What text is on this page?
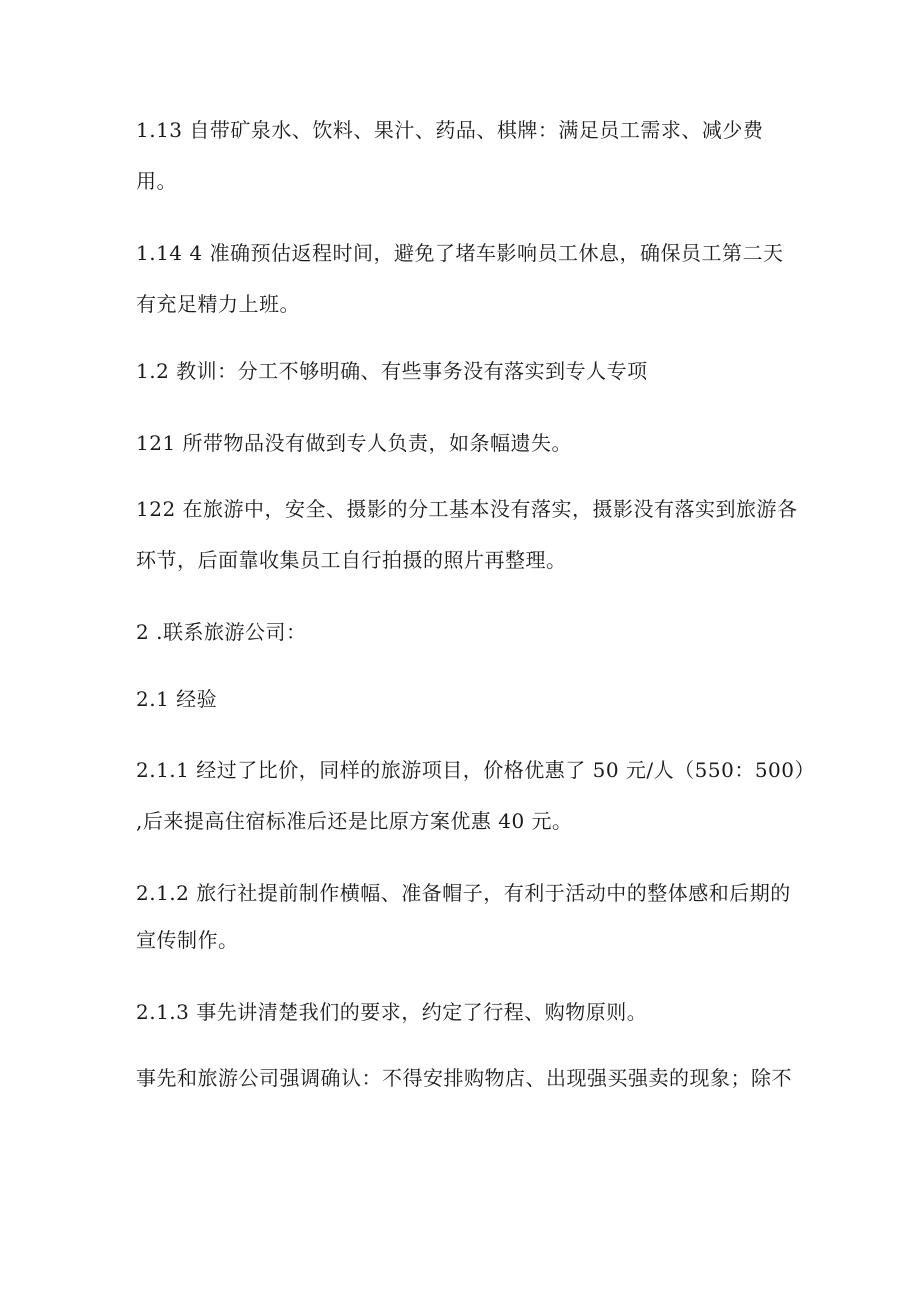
1.13 自带矿泉水、饮料、果汁、药品、棋牌：满足员工需求、减少费
用。
1.14 4 准确预估返程时间，避免了堵车影响员工休息，确保员工第二天
有充足精力上班。
1.2 教训：分工不够明确、有些事务没有落实到专人专项
121 所带物品没有做到专人负责，如条幅遗失。
122 在旅游中，安全、摄影的分工基本没有落实，摄影没有落实到旅游各
环节，后面靠收集员工自行拍摄的照片再整理。
2 .联系旅游公司：
2.1 经验
2.1.1 经过了比价，同样的旅游项目，价格优惠了 50 元/人（550：500）
,后来提高住宿标准后还是比原方案优惠 40 元。
2.1.2 旅行社提前制作横幅、准备帽子，有利于活动中的整体感和后期的
宣传制作。
2.1.3 事先讲清楚我们的要求，约定了行程、购物原则。
事先和旅游公司强调确认：不得安排购物店、出现强买强卖的现象；除不
